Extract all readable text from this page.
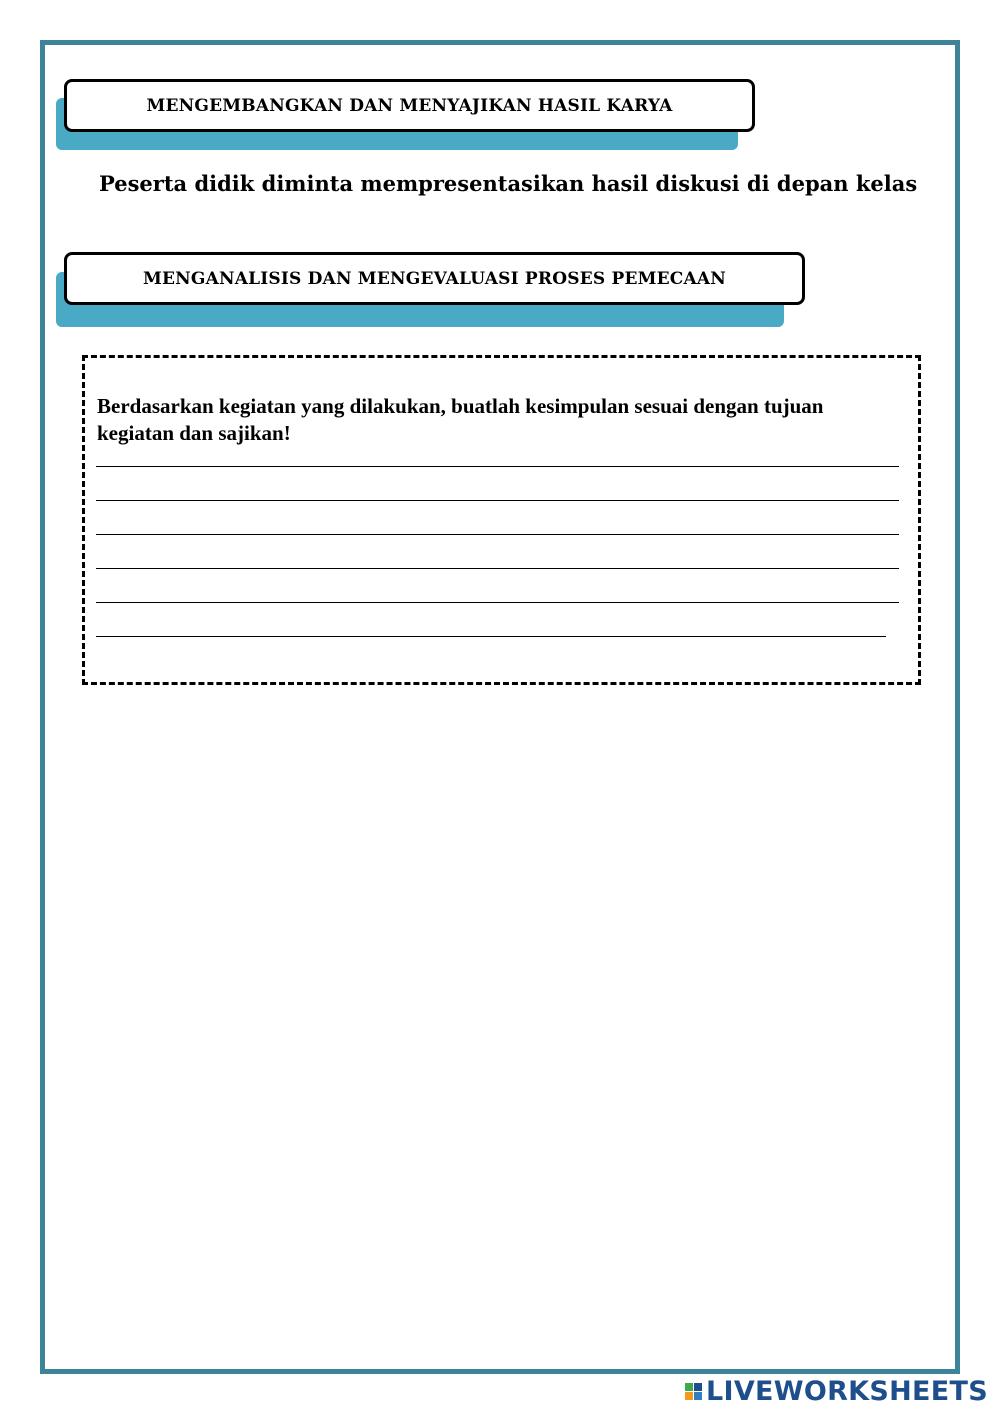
MENGEMBANGKAN DAN MENYAJIKAN HASIL KARYA
Peserta didik diminta mempresentasikan hasil diskusi di depan kelas
MENGANALISIS DAN MENGEVALUASI PROSES PEMECAAN
Berdasarkan kegiatan yang dilakukan, buatlah kesimpulan sesuai dengan tujuan kegiatan dan sajikan!
LIVEWORKSHEETS
